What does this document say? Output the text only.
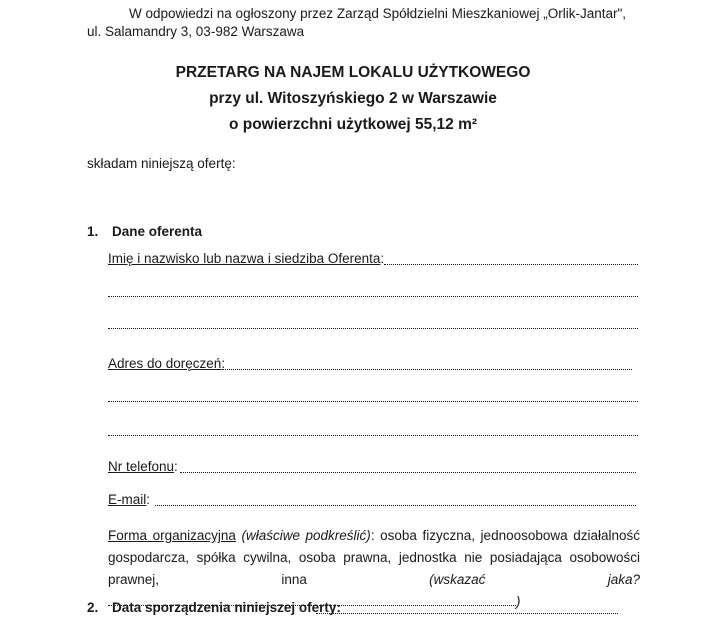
W odpowiedzi na ogłoszony przez Zarząd Spółdzielni Mieszkaniowej „Orlik-Jantar",
ul. Salamandry 3, 03-982 Warszawa
PRZETARG NA NAJEM LOKALU UŻYTKOWEGO
przy ul. Witoszyńskiego 2 w Warszawie
o powierzchni użytkowej 55,12 m²
składam niniejszą ofertę:
1. Dane oferenta
Imię i nazwisko lub nazwa i siedziba Oferenta:
Adres do doręczeń:
Nr telefonu:
E-mail:
Forma organizacyjna (właściwe podkreślić): osoba fizyczna, jednoosobowa działalność gospodarcza, spółka cywilna, osoba prawna, jednostka nie posiadająca osobowości prawnej, inna	(wskazać jaka?)
2. Data sporządzenia niniejszej oferty:
